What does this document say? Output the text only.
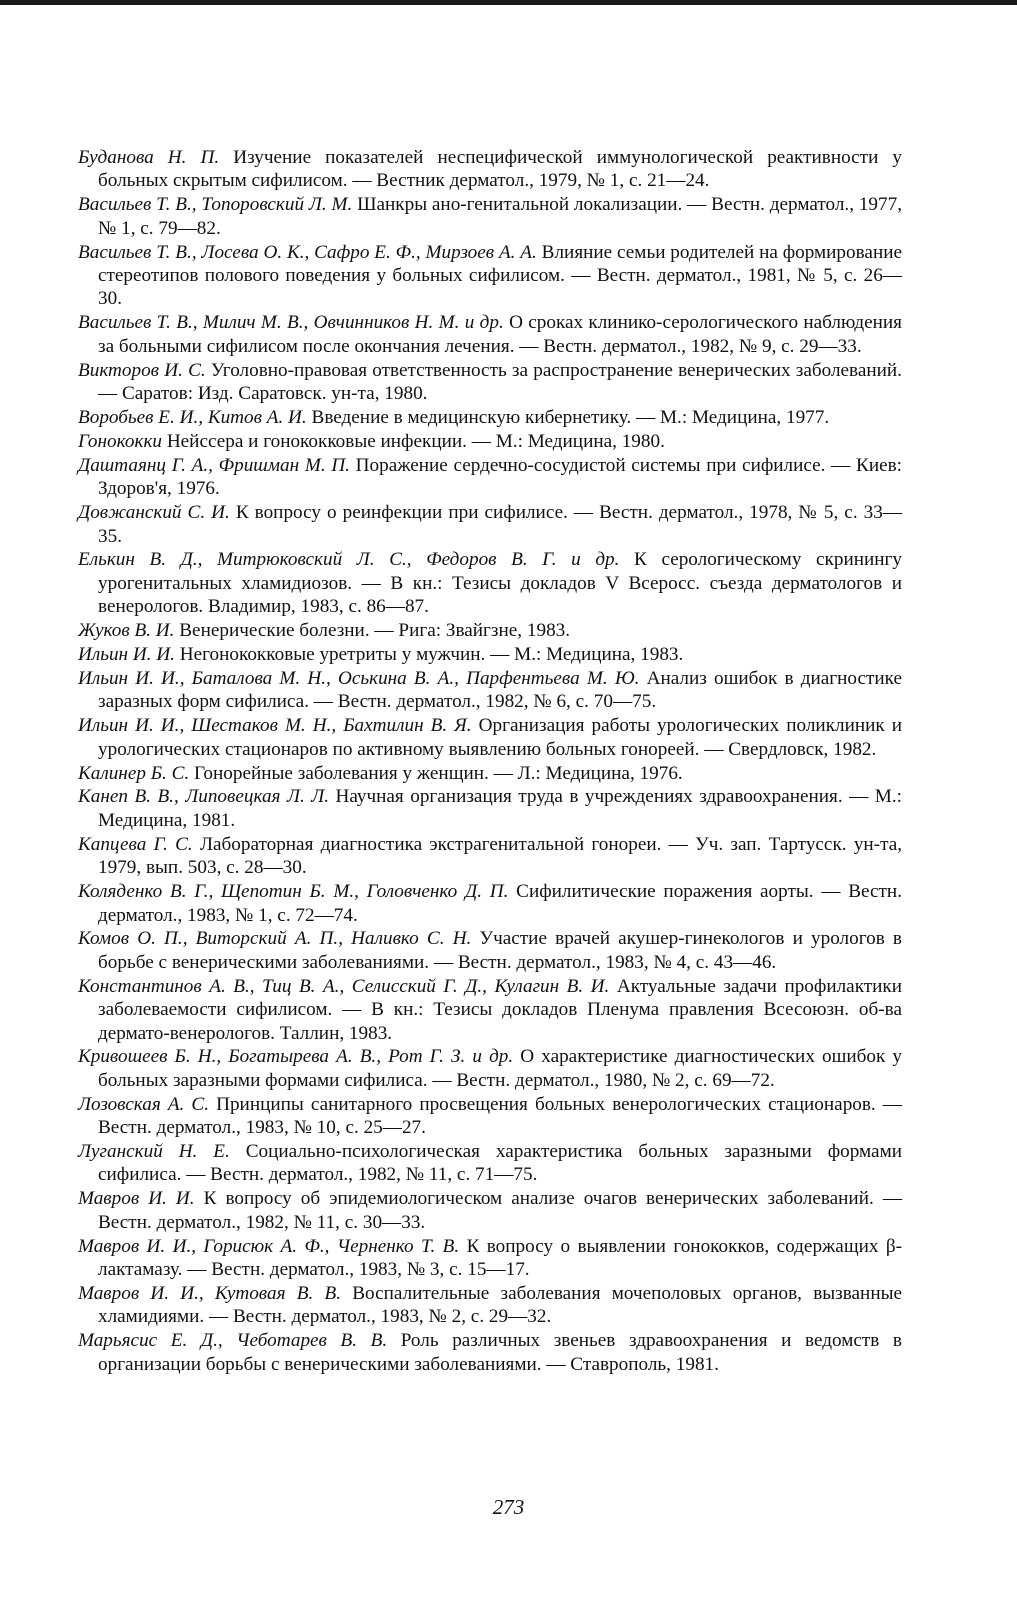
Буданова Н. П. Изучение показателей неспецифической иммунологической реактивности у больных скрытым сифилисом. — Вестник дерматол., 1979, № 1, с. 21—24.

Васильев Т. В., Топоровский Л. М. Шанкры ано-генитальной локализации. — Вестн. дерматол., 1977, № 1, с. 79—82.

Васильев Т. В., Лосева О. К., Сафро Е. Ф., Мирзоев А. А. Влияние семьи родителей на формирование стереотипов полового поведения у больных сифилисом. — Вестн. дерматол., 1981, № 5, с. 26—30.

Васильев Т. В., Милич М. В., Овчинников Н. М. и др. О сроках клинико-серологического наблюдения за больными сифилисом после окончания лечения. — Вестн. дерматол., 1982, № 9, с. 29—33.

Викторов И. С. Уголовно-правовая ответственность за распространение венерических заболеваний. — Саратов: Изд. Саратовск. ун-та, 1980.

Воробьев Е. И., Китов А. И. Введение в медицинскую кибернетику. — М.: Медицина, 1977.

Гонококки Нейссера и гонококковые инфекции. — М.: Медицина, 1980.

Даштаянц Г. А., Фришман М. П. Поражение сердечно-сосудистой системы при сифилисе. — Киев: Здоров'я, 1976.

Довжанский С. И. К вопросу о реинфекции при сифилисе. — Вестн. дерматол., 1978, № 5, с. 33—35.

Елькин В. Д., Митрюковский Л. С., Федоров В. Г. и др. К серологическому скринингу урогенитальных хламидиозов. — В кн.: Тезисы докладов V Всеросс. съезда дерматологов и венерологов. Владимир, 1983, с. 86—87.

Жуков В. И. Венерические болезни. — Рига: Звайгзне, 1983.

Ильин И. И. Негонококковые уретриты у мужчин. — М.: Медицина, 1983.

Ильин И. И., Баталова М. Н., Оськина В. А., Парфентьева М. Ю. Анализ ошибок в диагностике заразных форм сифилиса. — Вестн. дерматол., 1982, № 6, с. 70—75.

Ильин И. И., Шестаков М. Н., Бахтилин В. Я. Организация работы урологических поликлиник и урологических стационаров по активному выявлению больных гонореей. — Свердловск, 1982.

Калинер Б. С. Гонорейные заболевания у женщин. — Л.: Медицина, 1976.

Канеп В. В., Липовецкая Л. Л. Научная организация труда в учреждениях здравоохранения. — М.: Медицина, 1981.

Капцева Г. С. Лабораторная диагностика экстрагенитальной гонореи. — Уч. зап. Тартусск. ун-та, 1979, вып. 503, с. 28—30.

Коляденко В. Г., Щепотин Б. М., Головченко Д. П. Сифилитические поражения аорты. — Вестн. дерматол., 1983, № 1, с. 72—74.

Комов О. П., Виторский А. П., Наливко С. Н. Участие врачей акушер-гинекологов и урологов в борьбе с венерическими заболеваниями. — Вестн. дерматол., 1983, № 4, с. 43—46.

Константинов А. В., Тиц В. А., Селисский Г. Д., Кулагин В. И. Актуальные задачи профилактики заболеваемости сифилисом. — В кн.: Тезисы докладов Пленума правления Всесоюзн. об-ва дермато-венерологов. Таллин, 1983.

Кривошеев Б. Н., Богатырева А. В., Рот Г. З. и др. О характеристике диагностических ошибок у больных заразными формами сифилиса. — Вестн. дерматол., 1980, № 2, с. 69—72.

Лозовская А. С. Принципы санитарного просвещения больных венерологических стационаров. — Вестн. дерматол., 1983, № 10, с. 25—27.

Луганский Н. Е. Социально-психологическая характеристика больных заразными формами сифилиса. — Вестн. дерматол., 1982, № 11, с. 71—75.

Мавров И. И. К вопросу об эпидемиологическом анализе очагов венерических заболеваний. — Вестн. дерматол., 1982, № 11, с. 30—33.

Мавров И. И., Горисюк А. Ф., Черненко Т. В. К вопросу о выявлении гонококков, содержащих β-лактамазу. — Вестн. дерматол., 1983, № 3, с. 15—17.

Мавров И. И., Кутовая В. В. Воспалительные заболевания мочеполовых органов, вызванные хламидиями. — Вестн. дерматол., 1983, № 2, с. 29—32.

Марьясис Е. Д., Чеботарев В. В. Роль различных звеньев здравоохранения и ведомств в организации борьбы с венерическими заболеваниями. — Ставрополь, 1981.

273
